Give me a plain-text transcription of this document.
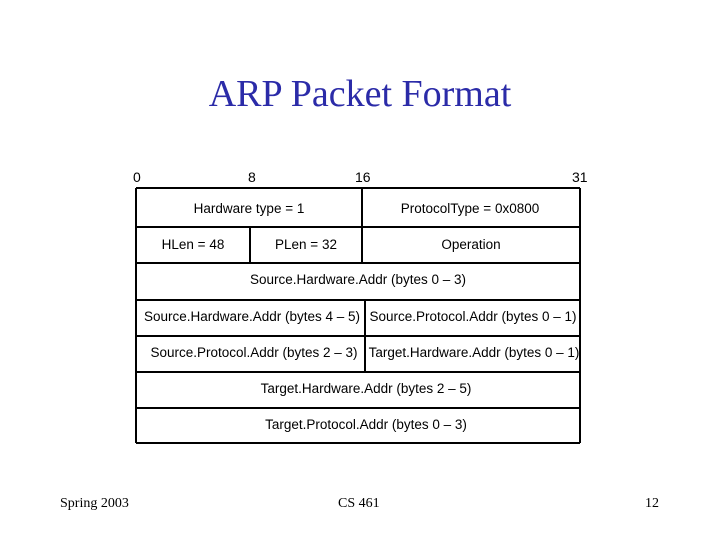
ARP Packet Format
0	8	16	31
Hardware type = 1	ProtocolType = 0x0800
HLen = 48	PLen = 32	Operation
Source.Hardware.Addr (bytes 0 – 3)
Source.Hardware.Addr (bytes 4 – 5) Source.Protocol.Addr (bytes 0 – 1)
Source.Protocol.Addr (bytes 2 – 3) Target.Hardware.Addr (bytes 0 – 1)
Target.Hardware.Addr (bytes 2 – 5)
Target.Protocol.Addr (bytes 0 – 3)
Spring 2003	CS 461	12
